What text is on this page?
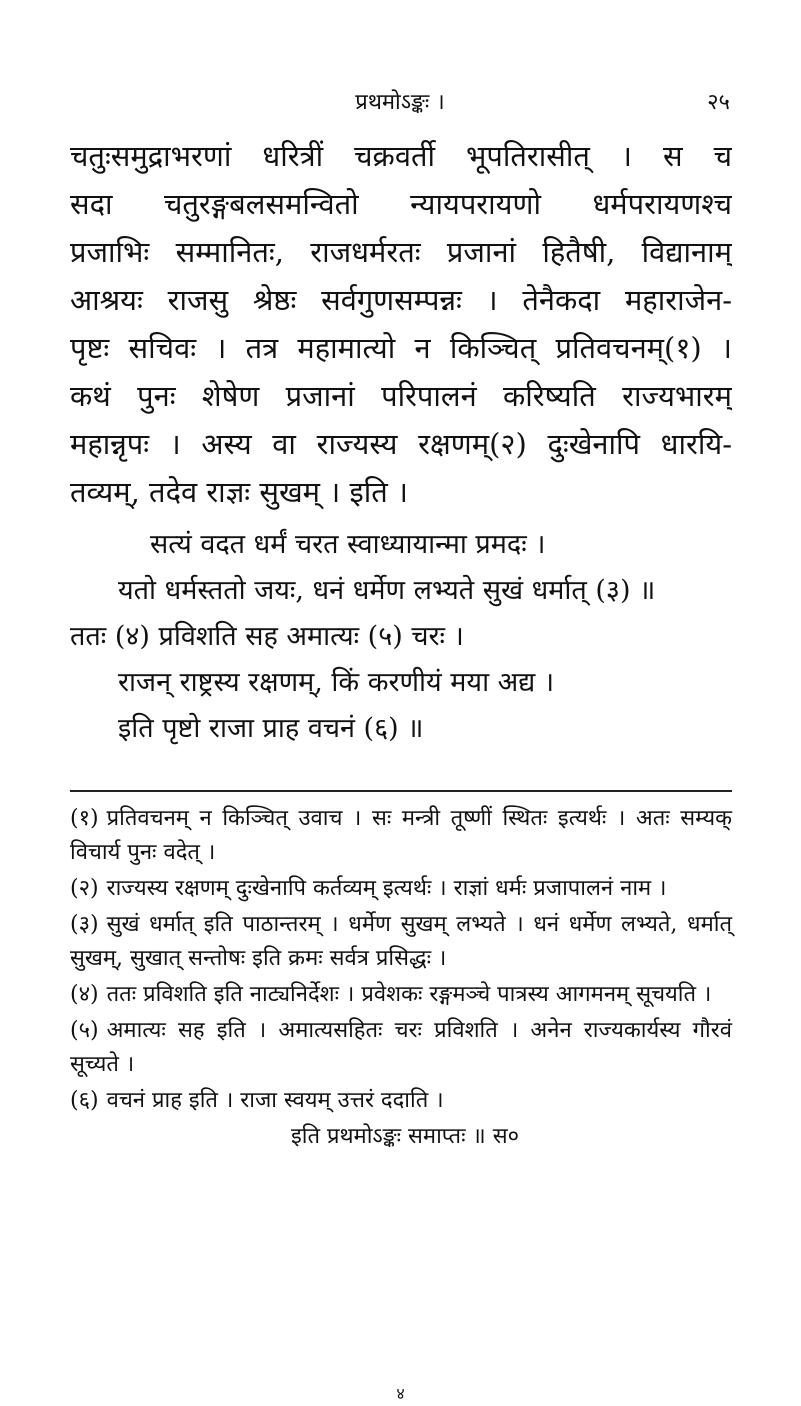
प्रथमोऽङ्कः ।	२५
चतुःसमुद्राभरणां धरित्रीं चक्रवर्ती भूपतिरासीत् । स च
सदा चतुरङ्गबलसमन्वितो न्यायपरायणो धर्मपरायणश्च
प्रजाभिः सम्मानितः, राजधर्मरतः प्रजानां हितैषी, विद्यानाम्
आश्रयः राजसु श्रेष्ठः सर्वगुणसम्पन्नः । तेनैकदा महाराजेन-
पृष्टः सचिवः । तत्र महामात्यो न किञ्चित् प्रतिवचनम्(१) ।
कथं पुनः शेषेण प्रजानां परिपालनं करिष्यति राज्यभारम्
महान्नृपः । अस्य वा राज्यस्य रक्षणम्(२) दुःखेनापि धारयि-
तव्यम्, तदेव राज्ञः सुखम् । इति ।
सत्यं वदत धर्मं चरत स्वाध्यायान्मा प्रमदः ।
यतो धर्मस्ततो जयः, धनं धर्मेण लभ्यते सुखं धर्मात् (३) ॥
ततः (४) प्रविशति सह अमात्यः (५) चरः ।
राजन् राष्ट्रस्य रक्षणम्, किं करणीयं मया अद्य ।
इति पृष्टो राजा प्राह वचनं (६) ॥
(१) प्रतिवचनम् न किञ्चित् उवाच । सः मन्त्री तूष्णीं स्थितः इत्यर्थः । अतः सम्यक् विचार्य पुनः वदेत् ।
(२) राज्यस्य रक्षणम् दुःखेनापि कर्तव्यम् इत्यर्थः । राज्ञां धर्मः प्रजापालनं नाम ।
(३) सुखं धर्मात् इति पाठान्तरम् । धर्मेण सुखम् लभ्यते । धनं धर्मेण लभ्यते, धर्मात् सुखम्, सुखात् सन्तोषः इति क्रमः सर्वत्र प्रसिद्धः ।
(४) ततः प्रविशति इति नाट्यनिर्देशः । प्रवेशकः रङ्गमञ्चे पात्रस्य आगमनम् सूचयति ।
(५) अमात्यः सह इति । अमात्यसहितः चरः प्रविशति । अनेन राज्यकार्यस्य गौरवं सूच्यते ।
(६) वचनं प्राह इति । राजा स्वयम् उत्तरं ददाति ।
इति प्रथमोऽङ्कः समाप्तः ॥ स०
४
